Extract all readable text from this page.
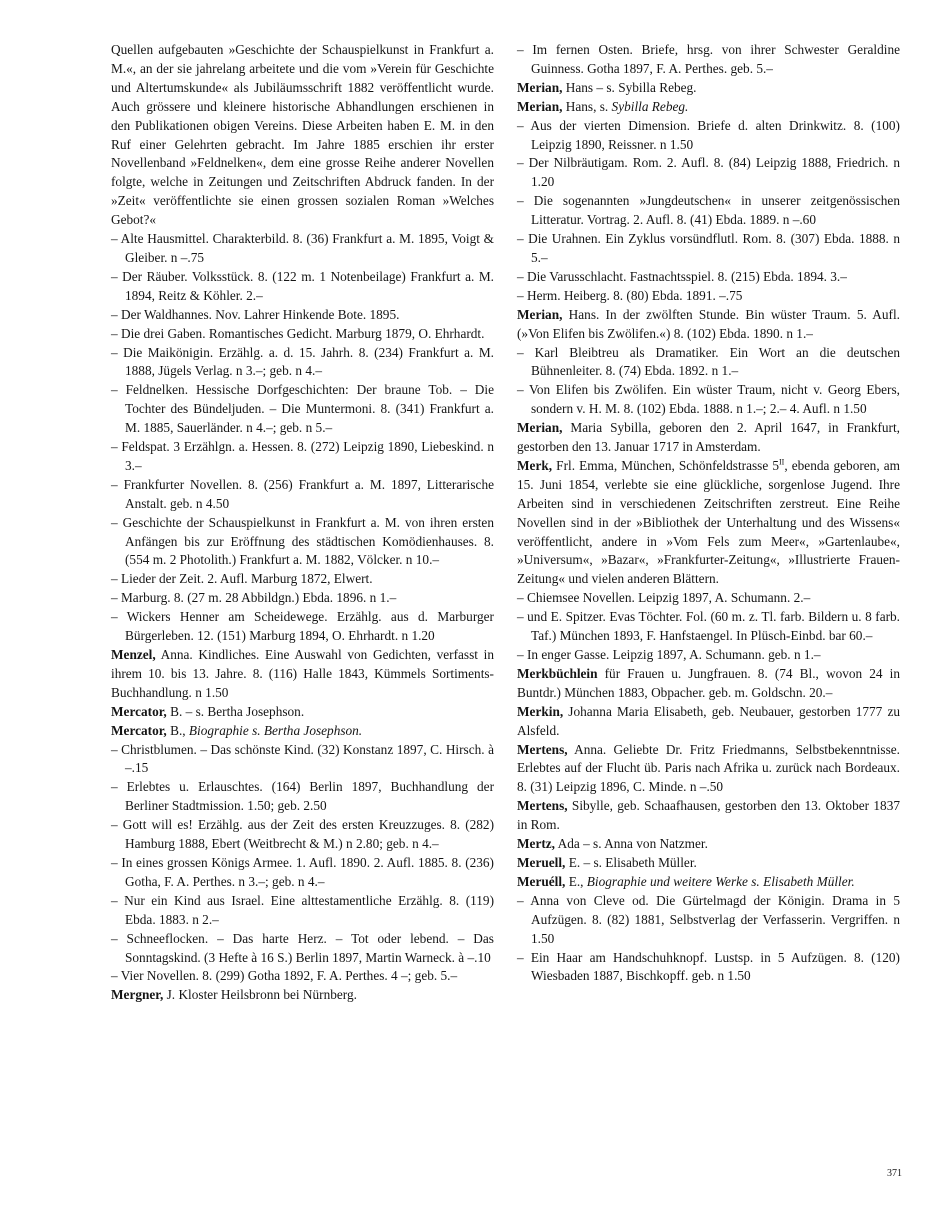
Quellen aufgebauten »Geschichte der Schauspielkunst in Frankfurt a. M.«, an der sie jahrelang arbeitete und die vom »Verein für Geschichte und Altertumskunde« als Jubiläumsschrift 1882 veröffentlicht wurde. Auch grössere und kleinere historische Abhandlungen erschienen in den Publikationen obigen Vereins. Diese Arbeiten haben E. M. in den Ruf einer Gelehrten gebracht. Im Jahre 1885 erschien ihr erster Novellenband »Feldnelken«, dem eine grosse Reihe anderer Novellen folgte, welche in Zeitungen und Zeitschriften Abdruck fanden. In der »Zeit« veröffentlichte sie einen grossen sozialen Roman »Welches Gebot?«
– Alte Hausmittel. Charakterbild. 8. (36) Frankfurt a. M. 1895, Voigt & Gleiber. n –.75
– Der Räuber. Volksstück. 8. (122 m. 1 Notenbeilage) Frankfurt a. M. 1894, Reitz & Köhler. 2.–
– Der Waldhannes. Nov. Lahrer Hinkende Bote. 1895.
– Die drei Gaben. Romantisches Gedicht. Marburg 1879, O. Ehrhardt.
– Die Maikönigin. Erzählg. a. d. 15. Jahrh. 8. (234) Frankfurt a. M. 1888, Jügels Verlag. n 3.–; geb. n 4.–
– Feldnelken. Hessische Dorfgeschichten: Der braune Tob. – Die Tochter des Bündeljuden. – Die Muntermoni. 8. (341) Frankfurt a. M. 1885, Sauerländer. n 4.–; geb. n 5.–
– Feldspat. 3 Erzählgn. a. Hessen. 8. (272) Leipzig 1890, Liebeskind. n 3.–
– Frankfurter Novellen. 8. (256) Frankfurt a. M. 1897, Litterarische Anstalt. geb. n 4.50
– Geschichte der Schauspielkunst in Frankfurt a. M. von ihren ersten Anfängen bis zur Eröffnung des städtischen Komödienhauses. 8. (554 m. 2 Photolith.) Frankfurt a. M. 1882, Völcker. n 10.–
– Lieder der Zeit. 2. Aufl. Marburg 1872, Elwert.
– Marburg. 8. (27 m. 28 Abbildgn.) Ebda. 1896. n 1.–
– Wickers Henner am Scheidewege. Erzählg. aus d. Marburger Bürgerleben. 12. (151) Marburg 1894, O. Ehrhardt. n 1.20
Menzel, Anna. Kindliches. Eine Auswahl von Gedichten, verfasst in ihrem 10. bis 13. Jahre. 8. (116) Halle 1843, Kümmels Sortiments-Buchhandlung. n 1.50
Mercator, B. – s. Bertha Josephson.
Mercator, B., Biographie s. Bertha Josephson.
– Christblumen. – Das schönste Kind. (32) Konstanz 1897, C. Hirsch. à –.15
– Erlebtes u. Erlauschtes. (164) Berlin 1897, Buchhandlung der Berliner Stadtmission. 1.50; geb. 2.50
– Gott will es! Erzählg. aus der Zeit des ersten Kreuzzuges. 8. (282) Hamburg 1888, Ebert (Weitbrecht & M.) n 2.80; geb. n 4.–
– In eines grossen Königs Armee. 1. Aufl. 1890. 2. Aufl. 1885. 8. (236) Gotha, F. A. Perthes. n 3.–; geb. n 4.–
– Nur ein Kind aus Israel. Eine alttestamentliche Erzählg. 8. (119) Ebda. 1883. n 2.–
– Schneeflocken. – Das harte Herz. – Tot oder lebend. – Das Sonntagskind. (3 Hefte à 16 S.) Berlin 1897, Martin Warneck. à –.10
– Vier Novellen. 8. (299) Gotha 1892, F. A. Perthes. 4 –; geb. 5.–
Mergner, J. Kloster Heilsbronn bei Nürnberg.
– Im fernen Osten. Briefe, hrsg. von ihrer Schwester Geraldine Guinness. Gotha 1897, F. A. Perthes. geb. 5.–
Merian, Hans – s. Sybilla Rebeg.
Merian, Hans, s. Sybilla Rebeg.
– Aus der vierten Dimension. Briefe d. alten Drinkwitz. 8. (100) Leipzig 1890, Reissner. n 1.50
– Der Nilbräutigam. Rom. 2. Aufl. 8. (84) Leipzig 1888, Friedrich. n 1.20
– Die sogenannten »Jungdeutschen« in unserer zeitgenössischen Litteratur. Vortrag. 2. Aufl. 8. (41) Ebda. 1889. n –.60
– Die Urahnen. Ein Zyklus vorsündflutl. Rom. 8. (307) Ebda. 1888. n 5.–
– Die Varusschlacht. Fastnachtsspiel. 8. (215) Ebda. 1894. 3.–
– Herm. Heiberg. 8. (80) Ebda. 1891. –.75
Merian, Hans. In der zwölften Stunde. Bin wüster Traum. 5. Aufl. (»Von Elifen bis Zwölifen.«) 8. (102) Ebda. 1890. n 1.–
– Karl Bleibtreu als Dramatiker. Ein Wort an die deutschen Bühnenleiter. 8. (74) Ebda. 1892. n 1.–
– Von Elifen bis Zwölifen. Ein wüster Traum, nicht v. Georg Ebers, sondern v. H. M. 8. (102) Ebda. 1888. n 1.–; 2.– 4. Aufl. n 1.50
Merian, Maria Sybilla, geboren den 2. April 1647, in Frankfurt, gestorben den 13. Januar 1717 in Amsterdam.
Merk, Frl. Emma, München, Schönfeldstrasse $5^{II}$, ebenda geboren, am 15. Juni 1854, verlebte sie eine glückliche, sorgenlose Jugend. Ihre Arbeiten sind in verschiedenen Zeitschriften zerstreut. Eine Reihe Novellen sind in der »Bibliothek der Unterhaltung und des Wissens« veröffentlicht, andere in »Vom Fels zum Meer«, »Gartenlaube«, »Universum«, »Bazar«, »Frankfurter-Zeitung«, »Illustrierte Frauen-Zeitung« und vielen anderen Blättern.
– Chiemsee Novellen. Leipzig 1897, A. Schumann. 2.–
– und E. Spitzer. Evas Töchter. Fol. (60 m. z. Tl. farb. Bildern u. 8 farb. Taf.) München 1893, F. Hanfstaengel. In Plüsch-Einbd. bar 60.–
– In enger Gasse. Leipzig 1897, A. Schumann. geb. n 1.–
Merkbüchlein für Frauen u. Jungfrauen. 8. (74 Bl., wovon 24 in Buntdr.) München 1883, Obpacher. geb. m. Goldschn. 20.–
Merkin, Johanna Maria Elisabeth, geb. Neubauer, gestorben 1777 zu Alsfeld.
Mertens, Anna. Geliebte Dr. Fritz Friedmanns, Selbstbekenntnisse. Erlebtes auf der Flucht üb. Paris nach Afrika u. zurück nach Bordeaux. 8. (31) Leipzig 1896, C. Minde. n –.50
Mertens, Sibylle, geb. Schaafhausen, gestorben den 13. Oktober 1837 in Rom.
Mertz, Ada – s. Anna von Natzmer.
Meruell, E. – s. Elisabeth Müller.
Meruéll, E., Biographie und weitere Werke s. Elisabeth Müller.
– Anna von Cleve od. Die Gürtelmagd der Königin. Drama in 5 Aufzügen. 8. (82) 1881, Selbstverlag der Verfasserin. Vergriffen. n 1.50
– Ein Haar am Handschuhknopf. Lustsp. in 5 Aufzügen. 8. (120) Wiesbaden 1887, Bischkopff. geb. n 1.50
371
